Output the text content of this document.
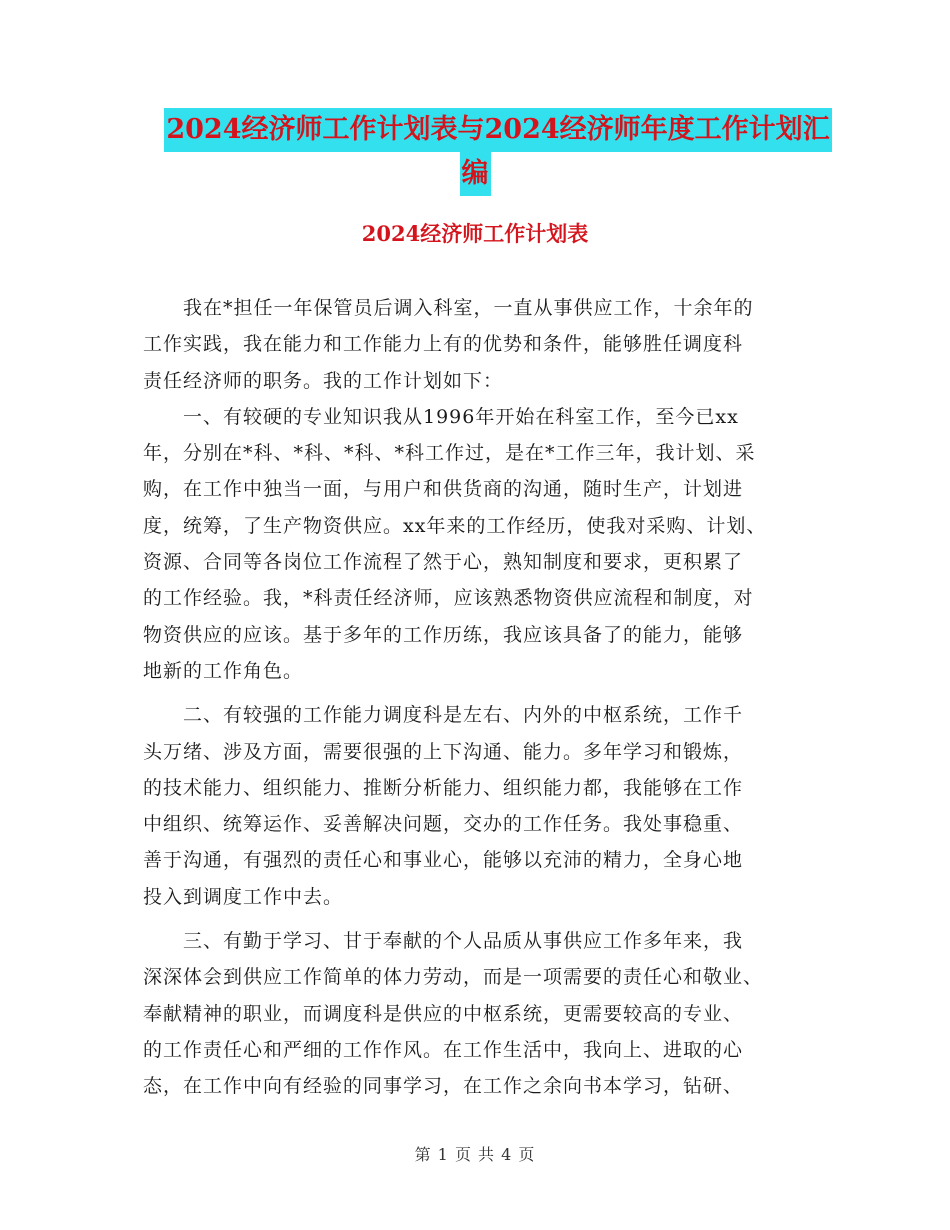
2024经济师工作计划表与2024经济师年度工作计划汇
编
2024经济师工作计划表
　　我在*担任一年保管员后调入科室，一直从事供应工作，十余年的
工作实践，我在能力和工作能力上有的优势和条件，能够胜任调度科
责任经济师的职务。我的工作计划如下：
　　一、有较硬的专业知识我从1996年开始在科室工作，至今已xx
年，分别在*科、*科、*科、*科工作过，是在*工作三年，我计划、采
购，在工作中独当一面，与用户和供货商的沟通，随时生产，计划进
度，统筹，了生产物资供应。xx年来的工作经历，使我对采购、计划、
资源、合同等各岗位工作流程了然于心，熟知制度和要求，更积累了
的工作经验。我，*科责任经济师，应该熟悉物资供应流程和制度，对
物资供应的应该。基于多年的工作历练，我应该具备了的能力，能够
地新的工作角色。
　　二、有较强的工作能力调度科是左右、内外的中枢系统，工作千
头万绪、涉及方面，需要很强的上下沟通、能力。多年学习和锻炼，
的技术能力、组织能力、推断分析能力、组织能力都，我能够在工作
中组织、统筹运作、妥善解决问题，交办的工作任务。我处事稳重、
善于沟通，有强烈的责任心和事业心，能够以充沛的精力，全身心地
投入到调度工作中去。
　　三、有勤于学习、甘于奉献的个人品质从事供应工作多年来，我
深深体会到供应工作简单的体力劳动，而是一项需要的责任心和敬业、
奉献精神的职业，而调度科是供应的中枢系统，更需要较高的专业、
的工作责任心和严细的工作作风。在工作生活中，我向上、进取的心
态，在工作中向有经验的同事学习，在工作之余向书本学习，钻研、
第 1 页 共 4 页
